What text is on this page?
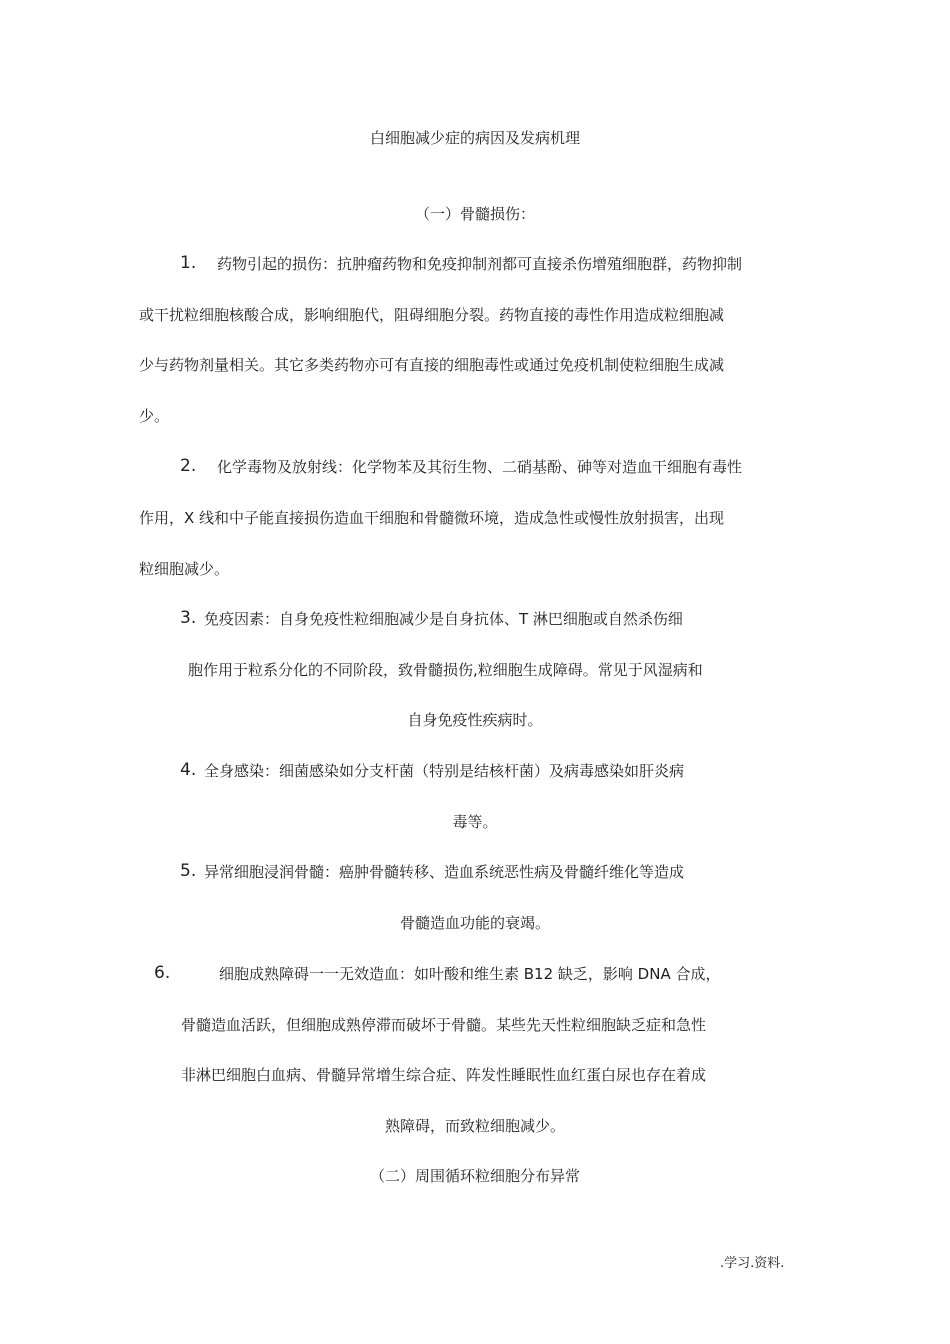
白细胞减少症的病因及发病机理
（一）骨髓损伤：
1. 药物引起的损伤：抗肿瘤药物和免疫抑制剂都可直接杀伤增殖细胞群，药物抑制
或干扰粒细胞核酸合成，影响细胞代，阻碍细胞分裂。药物直接的毒性作用造成粒细胞减
少与药物剂量相关。其它多类药物亦可有直接的细胞毒性或通过免疫机制使粒细胞生成减
少。
2. 化学毒物及放射线：化学物苯及其衍生物、二硝基酚、砷等对造血干细胞有毒性
作用，X 线和中子能直接损伤造血干细胞和骨髓微环境，造成急性或慢性放射损害，出现
粒细胞减少。
3. 免疫因素：自身免疫性粒细胞减少是自身抗体、T 淋巴细胞或自然杀伤细
胞作用于粒系分化的不同阶段，致骨髓损伤,粒细胞生成障碍。常见于风湿病和
自身免疫性疾病时。
4. 全身感染：细菌感染如分支杆菌（特别是结核杆菌）及病毒感染如肝炎病
毒等。
5. 异常细胞浸润骨髓：癌肿骨髓转移、造血系统恶性病及骨髓纤维化等造成
骨髓造血功能的衰竭。
6.	细胞成熟障碍一一无效造血：如叶酸和维生素 B12 缺乏，影响 DNA 合成，
骨髓造血活跃，但细胞成熟停滞而破坏于骨髓。某些先天性粒细胞缺乏症和急性
非淋巴细胞白血病、骨髓异常增生综合症、阵发性睡眠性血红蛋白尿也存在着成
熟障碍，而致粒细胞减少。
（二）周围循环粒细胞分布异常
.学习.资料.
